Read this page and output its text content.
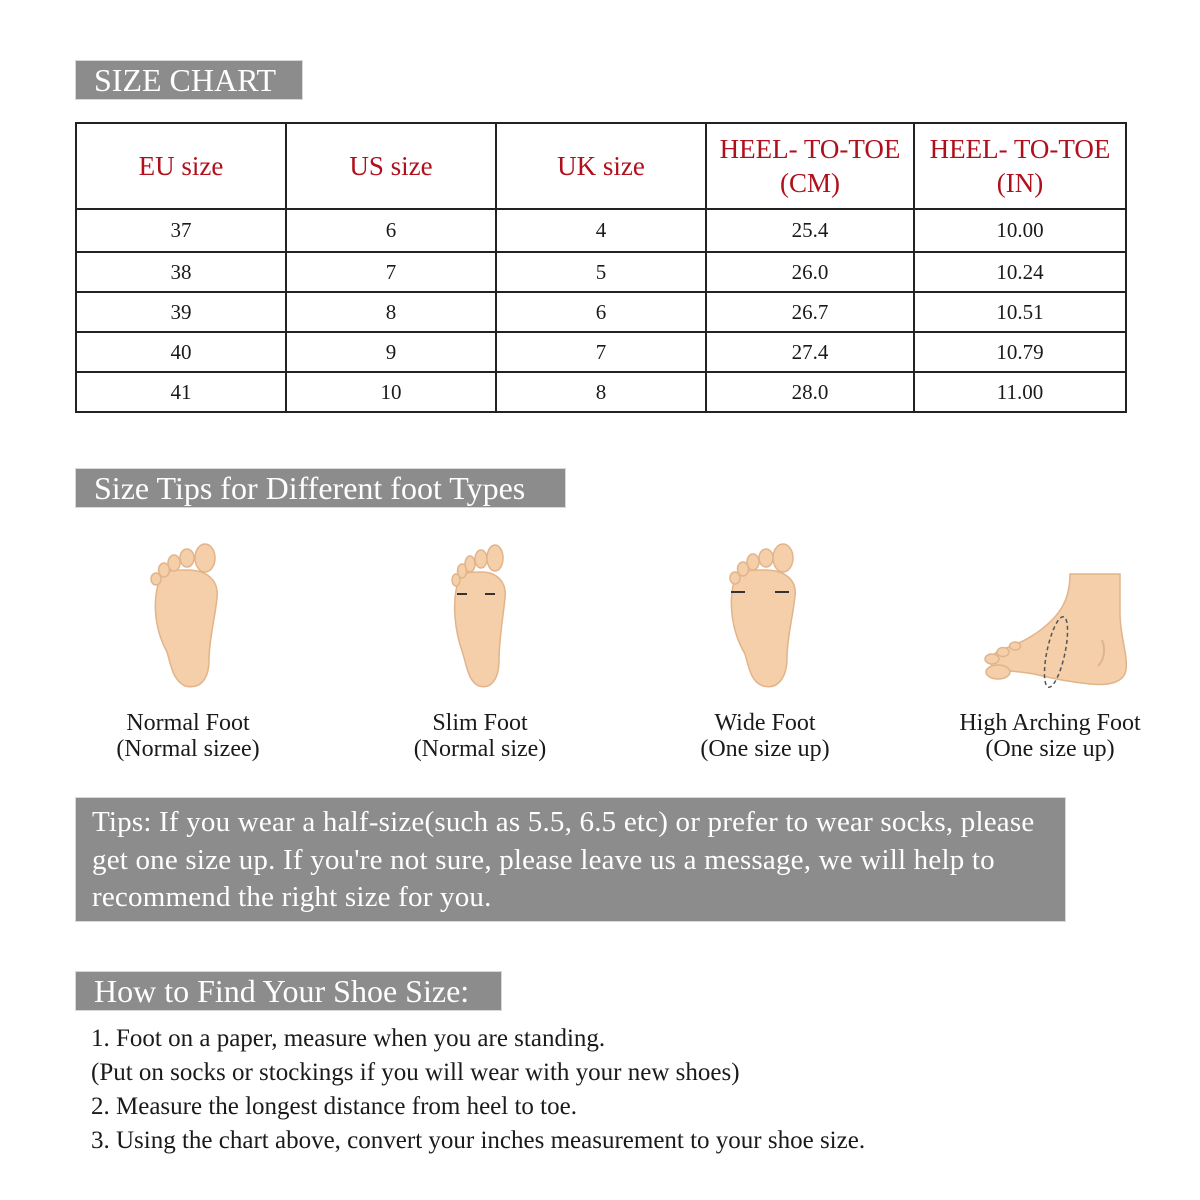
SIZE CHART
EU size	US size	UK size	HEEL- TO-TOE (CM)	HEEL- TO-TOE (IN)
37	6	4	25.4	10.00
38	7	5	26.0	10.24
39	8	6	26.7	10.51
40	9	7	27.4	10.79
41	10	8	28.0	11.00
Size Tips for Different foot Types
Normal Foot
(Normal sizee)
Slim Foot
(Normal size)
Wide Foot
(One size up)
High Arching Foot
(One size up)
Tips: If you wear a half-size(such as 5.5, 6.5 etc) or prefer to wear socks, please get one size up. If you're not sure, please leave us a message, we will help to recommend the right size for you.
How to Find Your Shoe Size:
1. Foot on a paper, measure when you are standing.
(Put on socks or stockings if you will wear with your new shoes)
2. Measure the longest distance from heel to toe.
3. Using the chart above, convert your inches measurement to your shoe size.
